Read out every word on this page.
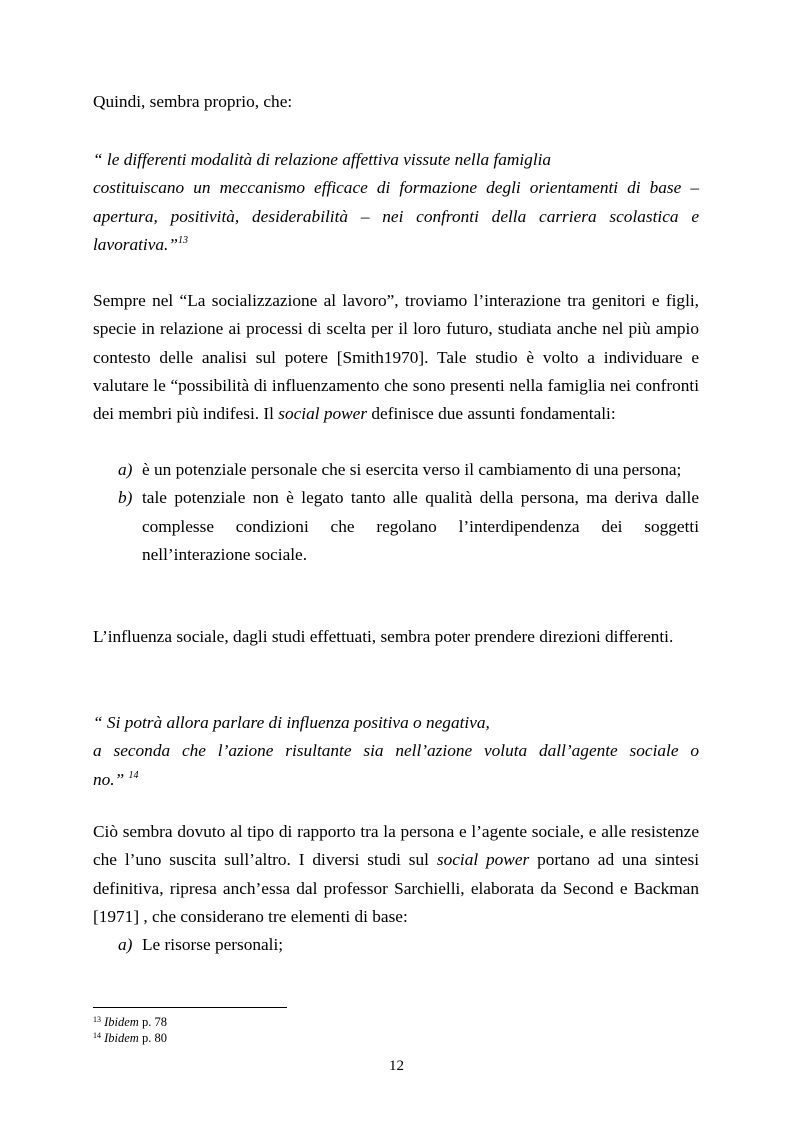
Quindi, sembra proprio, che:

“ le differenti modalità di relazione affettiva vissute nella famiglia
costituiscano un meccanismo efficace di formazione degli orientamenti di base –
apertura, positività, desiderabilità – nei confronti della carriera scolastica e
lavorativa.”$^{13}$

Sempre nel “La socializzazione al lavoro”, troviamo l’interazione tra genitori e figli, specie in relazione ai processi di scelta per il loro futuro, studiata anche nel più ampio contesto delle analisi sul potere [Smith1970]. Tale studio è volto a individuare e valutare le “possibilità di influenzamento che sono presenti nella famiglia nei confronti dei membri più indifesi. Il social power definisce due assunti fondamentali:

a) è un potenziale personale che si esercita verso il cambiamento di una persona;
b) tale potenziale non è legato tanto alle qualità della persona, ma deriva dalle complesse condizioni che regolano l’interdipendenza dei soggetti nell’interazione sociale.

L’influenza sociale, dagli studi effettuati, sembra poter prendere direzioni differenti.

“ Si potrà allora parlare di influenza positiva o negativa,
a seconda che l’azione risultante sia nell’azione voluta dall’agente sociale o
no.” $^{14}$

Ciò sembra dovuto al tipo di rapporto tra la persona e l’agente sociale, e alle resistenze che l’uno suscita sull’altro. I diversi studi sul social power portano ad una sintesi definitiva, ripresa anch’essa dal professor Sarchielli, elaborata da Second e Backman [1971] , che considerano tre elementi di base:

a) Le risorse personali;
$^{13}$ Ibidem p. 78
$^{14}$ Ibidem p. 80
12
